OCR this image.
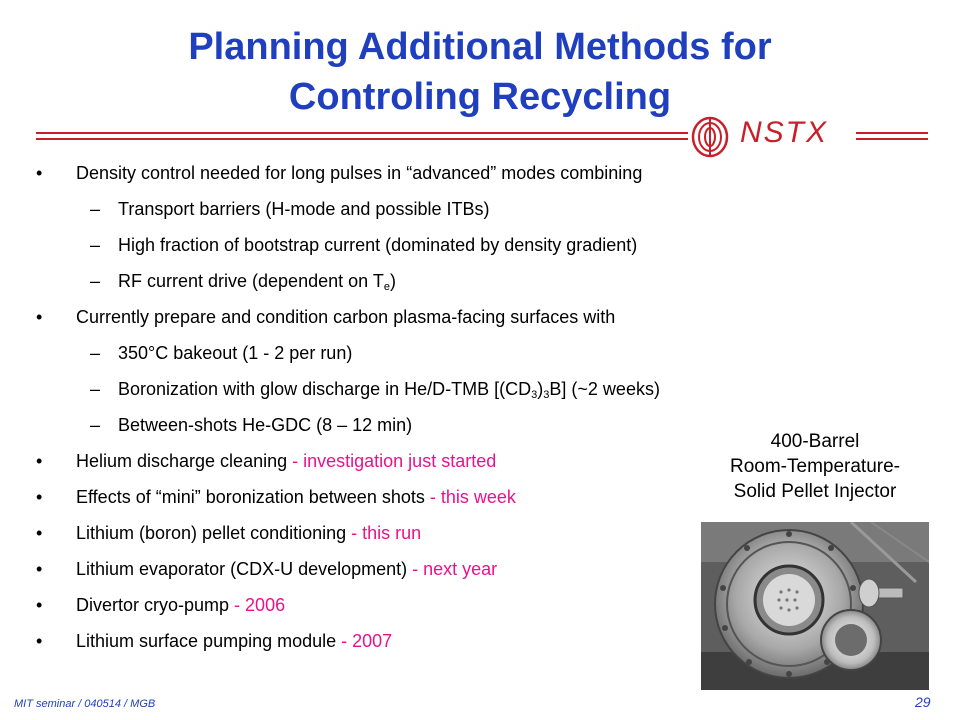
Planning Additional Methods for
Controling Recycling
NSTX
• Density control needed for long pulses in “advanced” modes combining
– Transport barriers (H-mode and possible ITBs)
– High fraction of bootstrap current (dominated by density gradient)
– RF current drive (dependent on $T_e$)
• Currently prepare and condition carbon plasma-facing surfaces with
– 350°C bakeout (1 - 2 per run)
– Boronization with glow discharge in He/D-TMB $[(CD_3)_3B]$ (~2 weeks)
– Between-shots He-GDC (8 – 12 min)
• Helium discharge cleaning - investigation just started
• Effects of “mini” boronization between shots - this week
• Lithium (boron) pellet conditioning - this run
• Lithium evaporator (CDX-U development) - next year
• Divertor cryo-pump - 2006
• Lithium surface pumping module - 2007
400-Barrel
Room-Temperature-
Solid Pellet Injector
MIT seminar / 040514 / MGB	29
